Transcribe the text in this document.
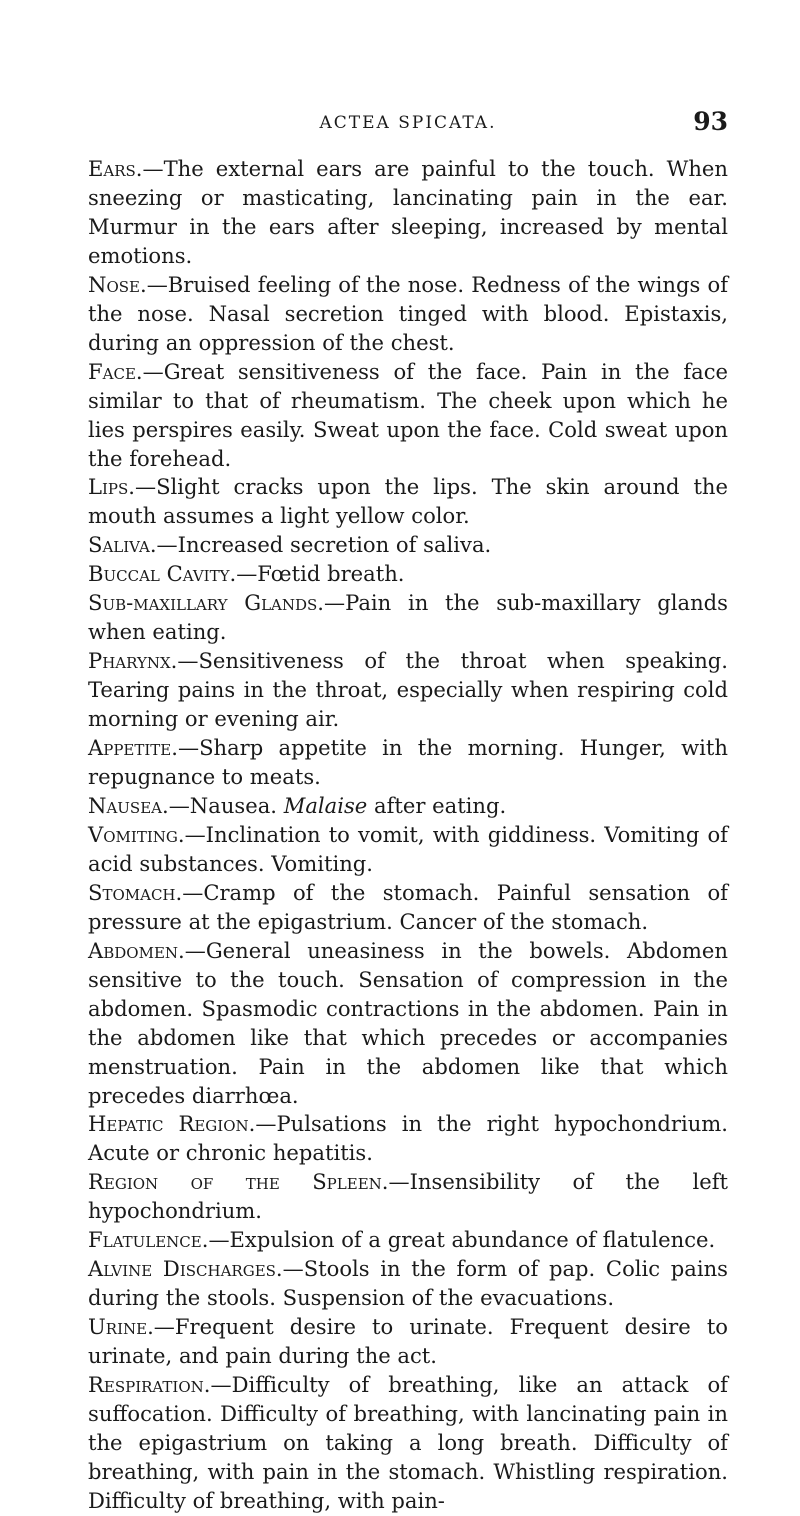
ACTEA SPICATA.	93

Ears.—The external ears are painful to the touch. When sneezing or masticating, lancinating pain in the ear. Murmur in the ears after sleeping, increased by mental emotions.

Nose.—Bruised feeling of the nose. Redness of the wings of the nose. Nasal secretion tinged with blood. Epistaxis, during an oppression of the chest.

Face.—Great sensitiveness of the face. Pain in the face similar to that of rheumatism. The cheek upon which he lies perspires easily. Sweat upon the face. Cold sweat upon the forehead.

Lips.—Slight cracks upon the lips. The skin around the mouth assumes a light yellow color.

Saliva.—Increased secretion of saliva.

Buccal Cavity.—Fœtid breath.

Sub-maxillary Glands.—Pain in the sub-maxillary glands when eating.

Pharynx.—Sensitiveness of the throat when speaking. Tearing pains in the throat, especially when respiring cold morning or evening air.

Appetite.—Sharp appetite in the morning. Hunger, with repugnance to meats.

Nausea.—Nausea. Malaise after eating.

Vomiting.—Inclination to vomit, with giddiness. Vomiting of acid substances. Vomiting.

Stomach.—Cramp of the stomach. Painful sensation of pressure at the epigastrium. Cancer of the stomach.

Abdomen.—General uneasiness in the bowels. Abdomen sensitive to the touch. Sensation of compression in the abdomen. Spasmodic contractions in the abdomen. Pain in the abdomen like that which precedes or accompanies menstruation. Pain in the abdomen like that which precedes diarrhœa.

Hepatic Region.—Pulsations in the right hypochondrium. Acute or chronic hepatitis.

Region of the Spleen.—Insensibility of the left hypochondrium.

Flatulence.—Expulsion of a great abundance of flatulence.

Alvine Discharges.—Stools in the form of pap. Colic pains during the stools. Suspension of the evacuations.

Urine.—Frequent desire to urinate. Frequent desire to urinate, and pain during the act.

Respiration.—Difficulty of breathing, like an attack of suffocation. Difficulty of breathing, with lancinating pain in the epigastrium on taking a long breath. Difficulty of breathing, with pain in the stomach. Whistling respiration. Difficulty of breathing, with pain-
